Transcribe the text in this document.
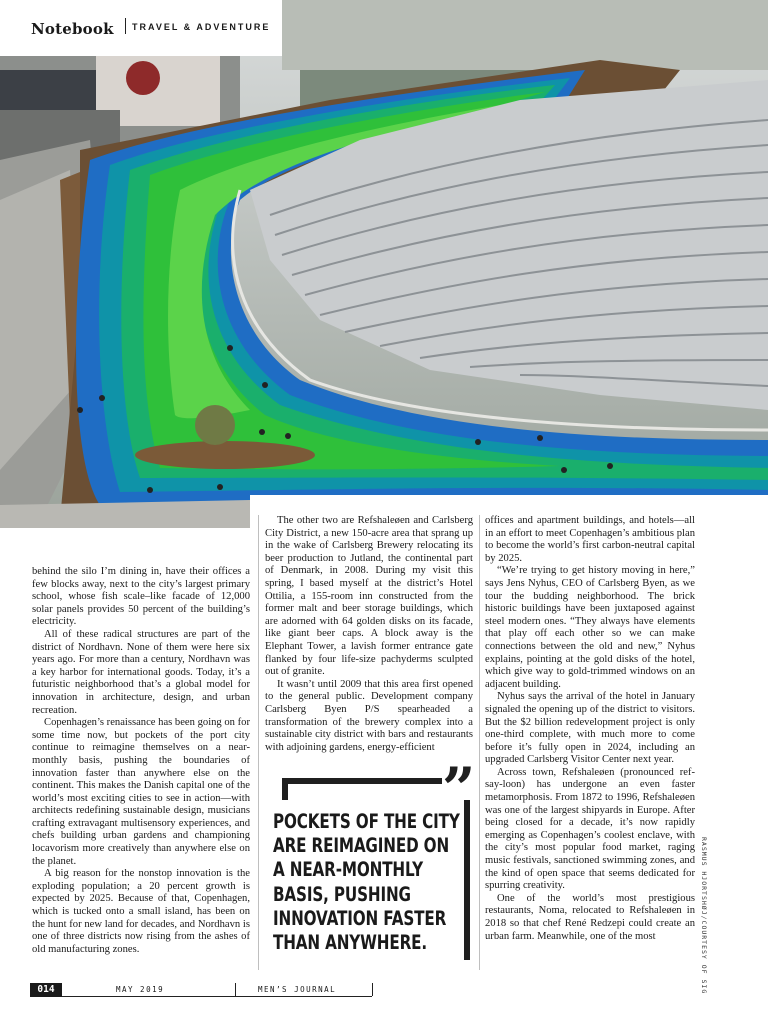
Notebook TRAVEL & ADVENTURE

behind the silo I’m dining in, have their offices a few blocks away, next to the city’s largest primary school, whose fish scale–like facade of 12,000 solar panels provides 50 percent of the building’s electricity.

All of these radical structures are part of the district of Nordhavn. None of them were here six years ago. For more than a century, Nordhavn was a key harbor for international goods. Today, it’s a futuristic neighborhood that’s a global model for innovation in architecture, design, and urban recreation.

Copenhagen’s renaissance has been going on for some time now, but pockets of the port city continue to reimagine themselves on a near-monthly basis, pushing the boundaries of innovation faster than anywhere else on the continent. This makes the Danish capital one of the world’s most exciting cities to see in action—with architects redefining sustainable design, musicians crafting extravagant multisensory experiences, and chefs building urban gardens and championing locavorism more creatively than anywhere else on the planet.

A big reason for the nonstop innovation is the exploding population; a 20 percent growth is expected by 2025. Because of that, Copenhagen, which is tucked onto a small island, has been on the hunt for new land for decades, and Nordhavn is one of three districts now rising from the ashes of old manufacturing zones.

The other two are Refshaleøen and Carlsberg City District, a new 150-acre area that sprang up in the wake of Carlsberg Brewery relocating its beer production to Jutland, the continental part of Denmark, in 2008. During my visit this spring, I based myself at the district’s Hotel Ottilia, a 155-room inn constructed from the former malt and beer storage buildings, which are adorned with 64 golden disks on its facade, like giant beer caps. A block away is the Elephant Tower, a lavish former entrance gate flanked by four life-size pachyderms sculpted out of granite.

It wasn’t until 2009 that this area first opened to the general public. Development company Carlsberg Byen P/S spearheaded a transformation of the brewery complex into a sustainable city district with bars and restaurants with adjoining gardens, energy-efficient

offices and apartment buildings, and hotels—all in an effort to meet Copenhagen’s ambitious plan to become the world’s first carbon-neutral capital by 2025.

“We’re trying to get history moving in here,” says Jens Nyhus, CEO of Carlsberg Byen, as we tour the budding neighborhood. The brick historic buildings have been juxtaposed against steel modern ones. “They always have elements that play off each other so we can make connections between the old and new,” Nyhus explains, pointing at the gold disks of the hotel, which give way to gold-trimmed windows on an adjacent building.

Nyhus says the arrival of the hotel in January signaled the opening up of the district to visitors. But the $2 billion redevelopment project is only one-third complete, with much more to come before it’s fully open in 2024, including an upgraded Carlsberg Visitor Center next year.

Across town, Refshaleøen (pronounced ref-say-loon) has undergone an even faster metamorphosis. From 1872 to 1996, Refshaleøen was one of the largest shipyards in Europe. After being closed for a decade, it’s now rapidly emerging as Copenhagen’s coolest enclave, with the city’s most popular food market, raging music festivals, sanctioned swimming zones, and the kind of open space that seems dedicated for spurring creativity.

One of the world’s most prestigious restaurants, Noma, relocated to Refshaleøen in 2018 so that chef René Redzepi could create an urban farm. Meanwhile, one of the most

”
POCKETS OF THE CITY ARE REIMAGINED ON A NEAR-MONTHLY BASIS, PUSHING INNOVATION FASTER THAN ANYWHERE.	RASMUS HJORTSHØJ/COURTESY OF SIG
014	MAY 2019	MEN’S JOURNAL
